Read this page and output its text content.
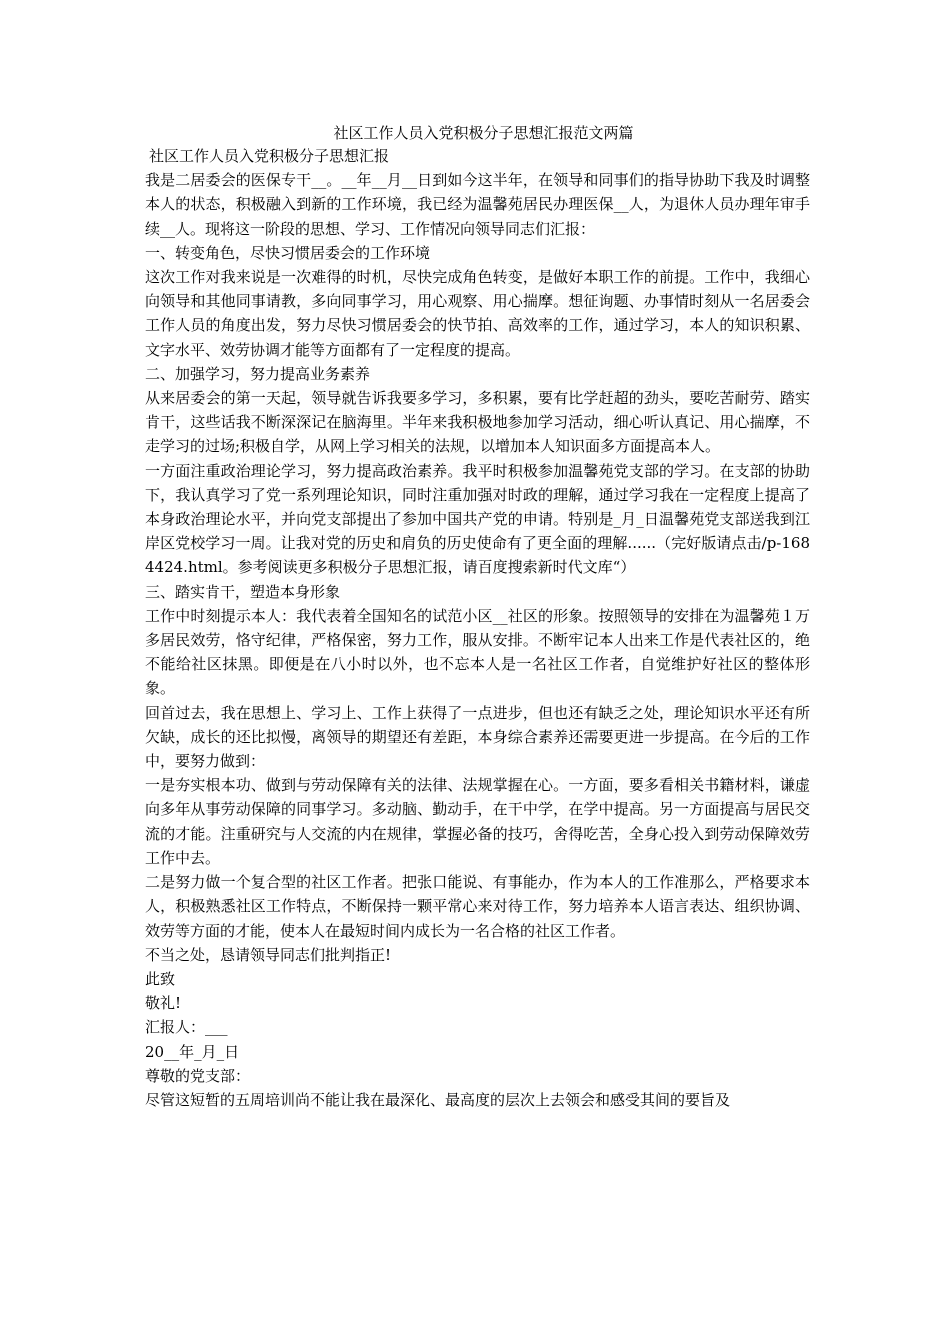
社区工作人员入党积极分子思想汇报范文两篇

社区工作人员入党积极分子思想汇报

我是二居委会的医保专干__。__年__月__日到如今这半年，在领导和同事们的指导协助下我及时调整本人的状态，积极融入到新的工作环境，我已经为温馨苑居民办理医保__人，为退休人员办理年审手续__人。现将这一阶段的思想、学习、工作情况向领导同志们汇报：

一、转变角色，尽快习惯居委会的工作环境

这次工作对我来说是一次难得的时机，尽快完成角色转变，是做好本职工作的前提。工作中，我细心向领导和其他同事请教，多向同事学习，用心观察、用心揣摩。想征询题、办事情时刻从一名居委会工作人员的角度出发，努力尽快习惯居委会的快节拍、高效率的工作，通过学习，本人的知识积累、文字水平、效劳协调才能等方面都有了一定程度的提高。

二、加强学习，努力提高业务素养

从来居委会的第一天起，领导就告诉我要多学习，多积累，要有比学赶超的劲头，要吃苦耐劳、踏实肯干，这些话我不断深深记在脑海里。半年来我积极地参加学习活动，细心听认真记、用心揣摩，不走学习的过场;积极自学，从网上学习相关的法规，以增加本人知识面多方面提高本人。

一方面注重政治理论学习，努力提高政治素养。我平时积极参加温馨苑党支部的学习。在支部的协助下，我认真学习了党一系列理论知识，同时注重加强对时政的理解，通过学习我在一定程度上提高了本身政治理论水平，并向党支部提出了参加中国共产党的申请。特别是_月_日温馨苑党支部送我到江岸区党校学习一周。让我对党的历史和肩负的历史使命有了更全面的理解......（完好版请点击/p-1684424.html。参考阅读更多积极分子思想汇报，请百度搜索新时代文库“）

三、踏实肯干，塑造本身形象

工作中时刻提示本人：我代表着全国知名的试范小区__社区的形象。按照领导的安排在为温馨苑１万多居民效劳，恪守纪律，严格保密，努力工作，服从安排。不断牢记本人出来工作是代表社区的，绝不能给社区抹黑。即便是在八小时以外，也不忘本人是一名社区工作者，自觉维护好社区的整体形象。

回首过去，我在思想上、学习上、工作上获得了一点进步，但也还有缺乏之处，理论知识水平还有所欠缺，成长的还比拟慢，离领导的期望还有差距，本身综合素养还需要更进一步提高。在今后的工作中，要努力做到：

一是夯实根本功、做到与劳动保障有关的法律、法规掌握在心。一方面，要多看相关书籍材料，谦虚向多年从事劳动保障的同事学习。多动脑、勤动手，在干中学，在学中提高。另一方面提高与居民交流的才能。注重研究与人交流的内在规律，掌握必备的技巧，舍得吃苦，全身心投入到劳动保障效劳工作中去。

二是努力做一个复合型的社区工作者。把张口能说、有事能办，作为本人的工作准那么，严格要求本人，积极熟悉社区工作特点，不断保持一颗平常心来对待工作，努力培养本人语言表达、组织协调、效劳等方面的才能，使本人在最短时间内成长为一名合格的社区工作者。

不当之处，恳请领导同志们批判指正!

此致

敬礼!

汇报人：___

20__年_月_日

尊敬的党支部：

尽管这短暂的五周培训尚不能让我在最深化、最高度的层次上去领会和感受其间的要旨及
